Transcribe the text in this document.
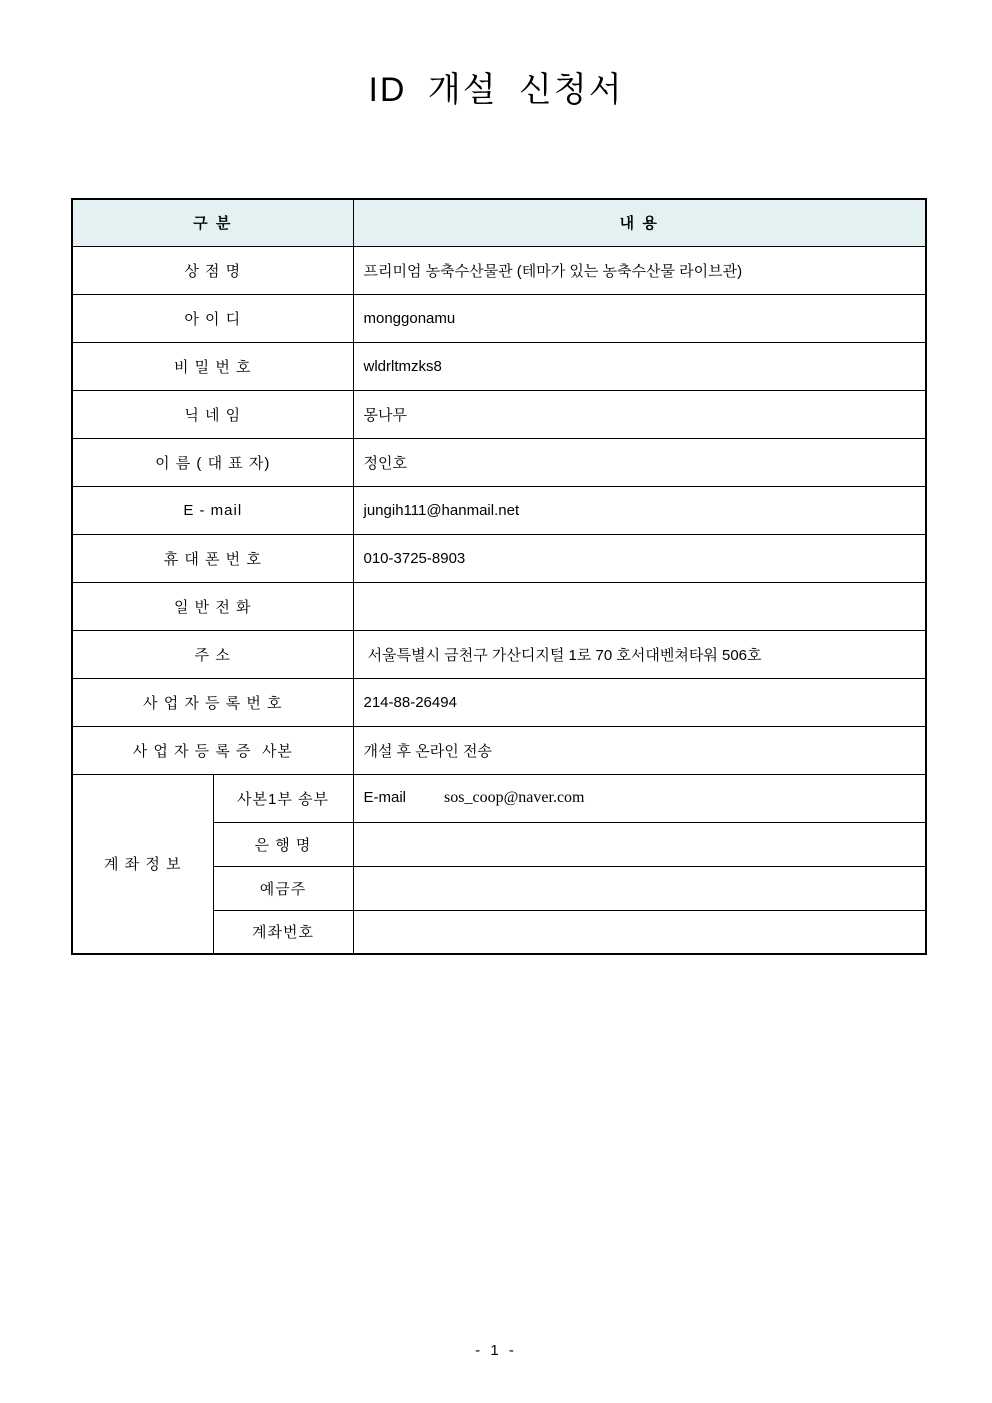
ID 개설 신청서
구 분		내 용
상 점 명		프리미엄 농축수산물관 (테마가 있는 농축수산물 라이브관)
아 이 디		monggonamu
비 밀 번 호		wldrltmzks8
닉 네 임		몽나무
이 름 ( 대 표 자)		정인호
E - mail		jungih111@hanmail.net
휴 대 폰 번 호		010-3725-8903
일 반 전 화		
주 소		서울특별시 금천구 가산디지털 1로 70 호서대벤쳐타워 506호
사 업 자 등 록 번 호		214-88-26494
사 업 자 등 록 증  사본		개설 후 온라인 전송
계 좌 정 보	사본1부 송부	E-mail sos_coop@naver.com
	은 행 명	
	예금주	
	계좌번호	
- 1 -
